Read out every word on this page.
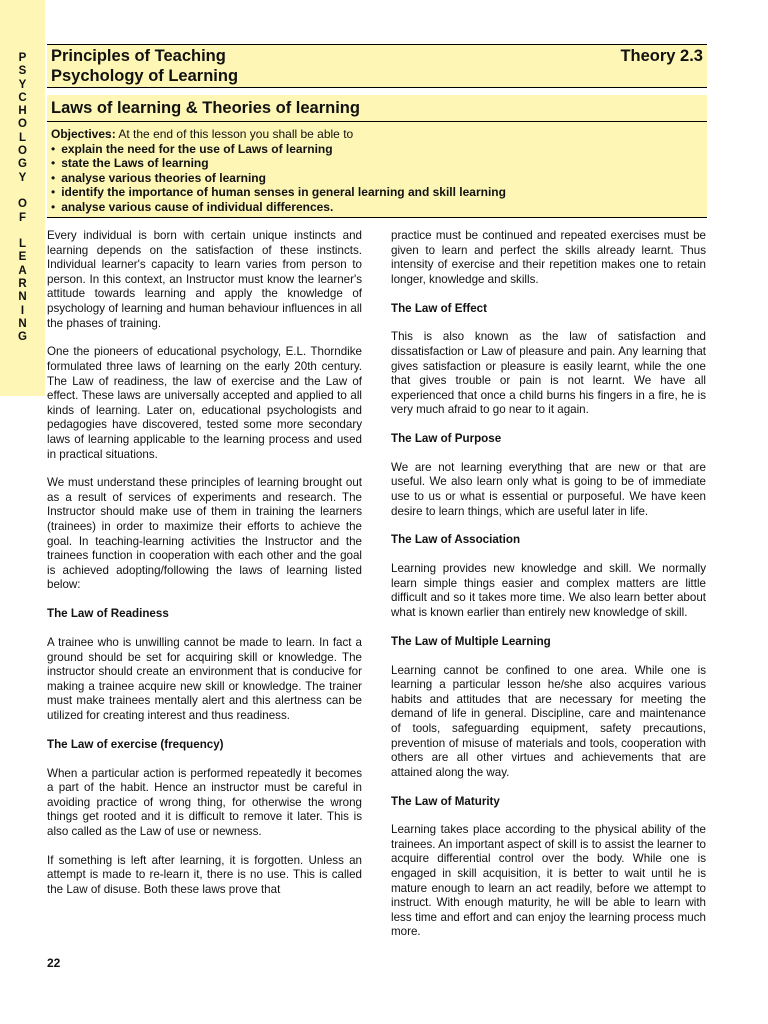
P
S
Y
C
H
O
L
O
G
Y

O
F

L
E
A
R
N
I
N
G
Principles of Teaching
Psychology of Learning
Theory 2.3
Laws of learning & Theories of learning
Objectives: At the end of this lesson you shall be able to
• explain the need for the use of Laws of learning
• state the Laws of learning
• analyse various theories of learning
• identify the importance of human senses in general learning and skill learning
• analyse various cause of individual differences.

Every individual is born with certain unique instincts and learning depends on the satisfaction of these instincts. Individual learner's capacity to learn varies from person to person. In this context, an Instructor must know the learner's attitude towards learning and apply the knowledge of psychology of learning and human behaviour influences in all the phases of training.

One the pioneers of educational psychology, E.L. Thorndike formulated three laws of learning on the early 20th century. The Law of readiness, the law of exercise and the Law of effect. These laws are universally accepted and applied to all kinds of learning. Later on, educational psychologists and pedagogies have discovered, tested some more secondary laws of learning applicable to the learning process and used in practical situations.

We must understand these principles of learning brought out as a result of services of experiments and research. The Instructor should make use of them in training the learners (trainees) in order to maximize their efforts to achieve the goal. In teaching-learning activities the Instructor and the trainees function in cooperation with each other and the goal is achieved adopting/following the laws of learning listed below:

The Law of Readiness

A trainee who is unwilling cannot be made to learn. In fact a ground should be set for acquiring skill or knowledge. The instructor should create an environment that is conducive for making a trainee acquire new skill or knowledge. The trainer must make trainees mentally alert and this alertness can be utilized for creating interest and thus readiness.

The Law of exercise (frequency)

When a particular action is performed repeatedly it becomes a part of the habit. Hence an instructor must be careful in avoiding practice of wrong thing, for otherwise the wrong things get rooted and it is difficult to remove it later. This is also called as the Law of use or newness.

If something is left after learning, it is forgotten. Unless an attempt is made to re-learn it, there is no use. This is called the Law of disuse. Both these laws prove that

practice must be continued and repeated exercises must be given to learn and perfect the skills already learnt. Thus intensity of exercise and their repetition makes one to retain longer, knowledge and skills.

The Law of Effect

This is also known as the law of satisfaction and dissatisfaction or Law of pleasure and pain. Any learning that gives satisfaction or pleasure is easily learnt, while the one that gives trouble or pain is not learnt. We have all experienced that once a child burns his fingers in a fire, he is very much afraid to go near to it again.

The Law of Purpose

We are not learning everything that are new or that are useful. We also learn only what is going to be of immediate use to us or what is essential or purposeful. We have keen desire to learn things, which are useful later in life.

The Law of Association

Learning provides new knowledge and skill. We normally learn simple things easier and complex matters are little difficult and so it takes more time. We also learn better about what is known earlier than entirely new knowledge of skill.

The Law of Multiple Learning

Learning cannot be confined to one area. While one is learning a particular lesson he/she also acquires various habits and attitudes that are necessary for meeting the demand of life in general. Discipline, care and maintenance of tools, safeguarding equipment, safety precautions, prevention of misuse of materials and tools, cooperation with others are all other virtues and achievements that are attained along the way.

The Law of Maturity

Learning takes place according to the physical ability of the trainees. An important aspect of skill is to assist the learner to acquire differential control over the body. While one is engaged in skill acquisition, it is better to wait until he is mature enough to learn an act readily, before we attempt to instruct. With enough maturity, he will be able to learn with less time and effort and can enjoy the learning process much more.

22
